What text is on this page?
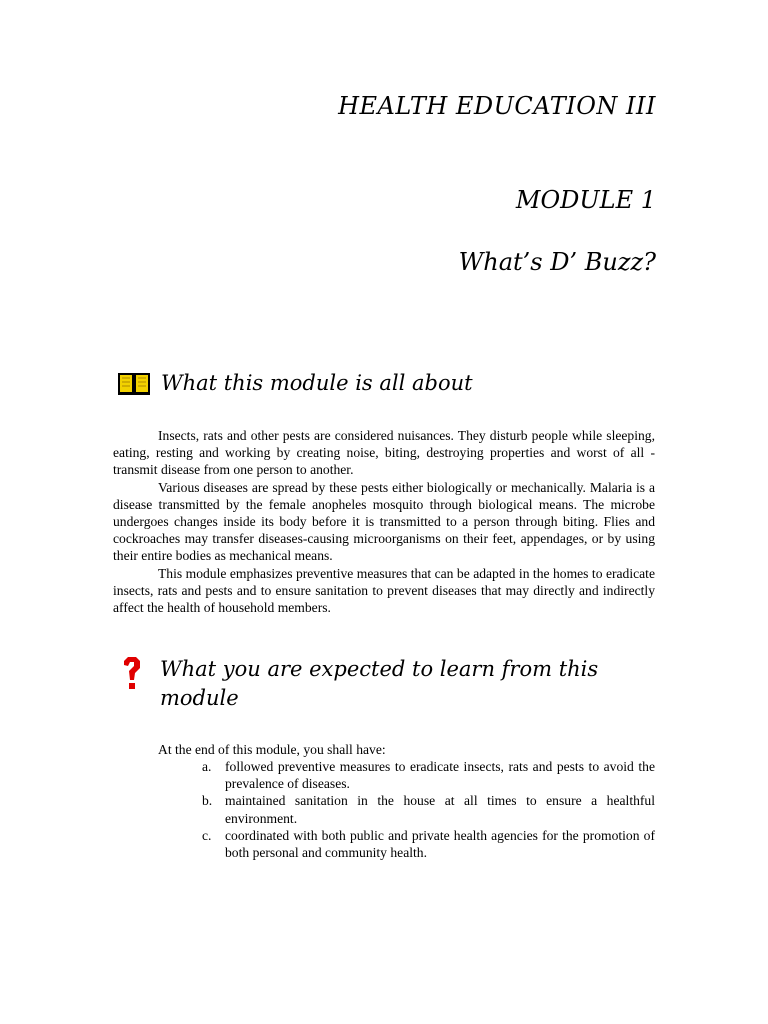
HEALTH EDUCATION III
MODULE 1
What’s D’ Buzz?
What this module is all about

Insects, rats and other pests are considered nuisances. They disturb people while sleeping, eating, resting and working by creating noise, biting, destroying properties and worst of all - transmit disease from one person to another.

Various diseases are spread by these pests either biologically or mechanically. Malaria is a disease transmitted by the female anopheles mosquito through biological means. The microbe undergoes changes inside its body before it is transmitted to a person through biting. Flies and cockroaches may transfer diseases-causing microorganisms on their feet, appendages, or by using their entire bodies as mechanical means.

This module emphasizes preventive measures that can be adapted in the homes to eradicate insects, rats and pests and to ensure sanitation to prevent diseases that may directly and indirectly affect the health of household members.

What you are expected to learn from this module

At the end of this module, you shall have:

a. followed preventive measures to eradicate insects, rats and pests to avoid the prevalence of diseases.
b. maintained sanitation in the house at all times to ensure a healthful environment.
c. coordinated with both public and private health agencies for the promotion of both personal and community health.
